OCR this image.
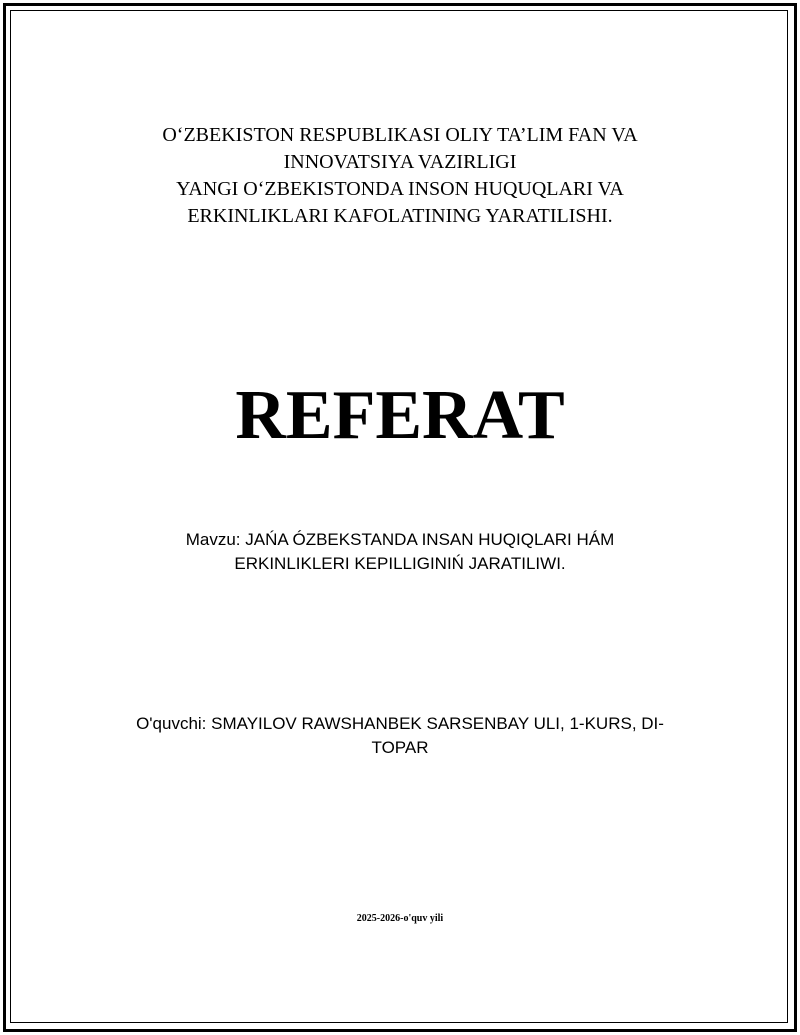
O‘ZBEKISTON RESPUBLIKASI OLIY TA’LIM FAN VA
INNOVATSIYA VAZIRLIGI
YANGI O‘ZBEKISTONDA INSON HUQUQLARI VA
ERKINLIKLARI KAFOLATINING YARATILISHI.
REFERAT
Mavzu: JAŃA ÓZBEKSTANDA INSAN HUQIQLARI HÁM
ERKINLIKLERI KEPILLIGINIŃ JARATILIWI.
O'quvchi: SMAYILOV RAWSHANBEK SARSENBAY ULI, 1-KURS, DI-
TOPAR
2025-2026-o'quv yili
